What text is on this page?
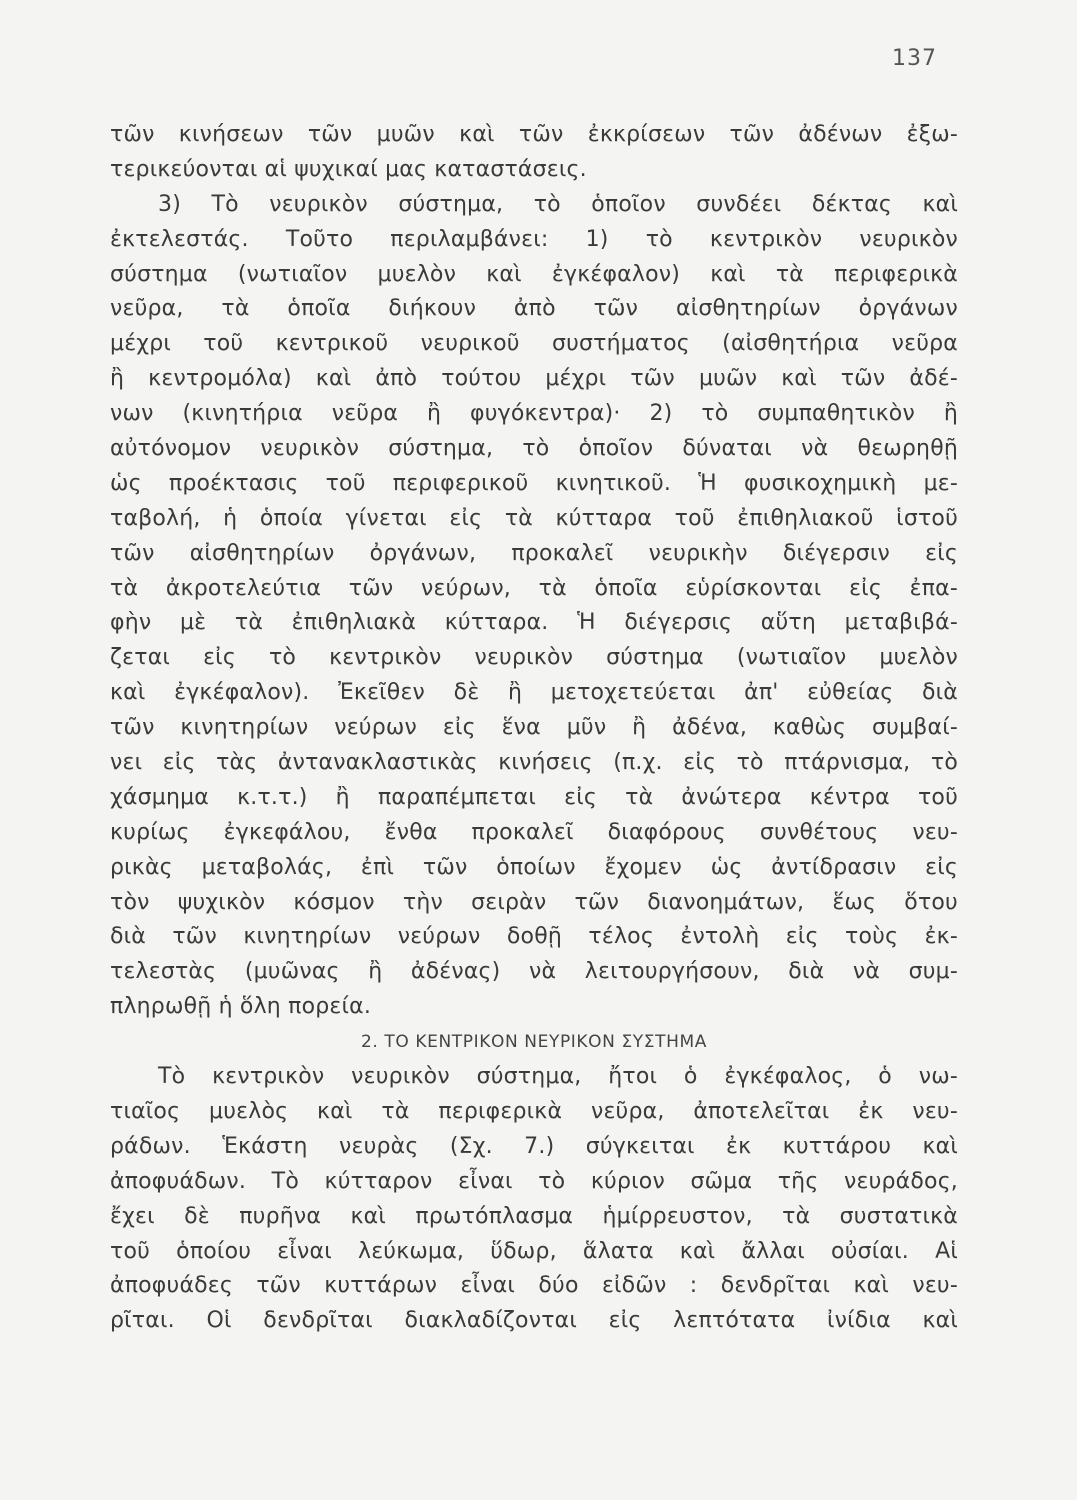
137
τῶν κινήσεων τῶν μυῶν καὶ τῶν ἐκκρίσεων τῶν ἀδένων ἐξω-
τερικεύονται αἱ ψυχικαί μας καταστάσεις.
3) Τὸ νευρικὸν σύστημα, τὸ ὁποῖον συνδέει δέκτας καὶ
ἐκτελεστάς. Τοῦτο περιλαμβάνει: 1) τὸ κεντρικὸν νευρικὸν
σύστημα (νωτιαῖον μυελὸν καὶ ἐγκέφαλον) καὶ τὰ περιφερικὰ
νεῦρα, τὰ ὁποῖα διήκουν ἀπὸ τῶν αἰσθητηρίων ὀργάνων
μέχρι τοῦ κεντρικοῦ νευρικοῦ συστήματος (αἰσθητήρια νεῦρα
ἢ κεντρομόλα) καὶ ἀπὸ τούτου μέχρι τῶν μυῶν καὶ τῶν ἀδέ-
νων (κινητήρια νεῦρα ἢ φυγόκεντρα)· 2) τὸ συμπαθητικὸν ἢ
αὐτόνομον νευρικὸν σύστημα, τὸ ὁποῖον δύναται νὰ θεωρηθῇ
ὡς προέκτασις τοῦ περιφερικοῦ κινητικοῦ. Ἡ φυσικοχημικὴ με-
ταβολή, ἡ ὁποία γίνεται εἰς τὰ κύτταρα τοῦ ἐπιθηλιακοῦ ἱστοῦ
τῶν αἰσθητηρίων ὀργάνων, προκαλεῖ νευρικὴν διέγερσιν εἰς
τὰ ἀκροτελεύτια τῶν νεύρων, τὰ ὁποῖα εὑρίσκονται εἰς ἐπα-
φὴν μὲ τὰ ἐπιθηλιακὰ κύτταρα. Ἡ διέγερσις αὕτη μεταβιβά-
ζεται εἰς τὸ κεντρικὸν νευρικὸν σύστημα (νωτιαῖον μυελὸν
καὶ ἐγκέφαλον). Ἐκεῖθεν δὲ ἢ μετοχετεύεται ἀπ' εὐθείας διὰ
τῶν κινητηρίων νεύρων εἰς ἕνα μῦν ἢ ἀδένα, καθὼς συμβαί-
νει εἰς τὰς ἀντανακλαστικὰς κινήσεις (π.χ. εἰς τὸ πτάρνισμα, τὸ
χάσμημα κ.τ.τ.) ἢ παραπέμπεται εἰς τὰ ἀνώτερα κέντρα τοῦ
κυρίως ἐγκεφάλου, ἔνθα προκαλεῖ διαφόρους συνθέτους νευ-
ρικὰς μεταβολάς, ἐπὶ τῶν ὁποίων ἔχομεν ὡς ἀντίδρασιν εἰς
τὸν ψυχικὸν κόσμον τὴν σειρὰν τῶν διανοημάτων, ἕως ὅτου
διὰ τῶν κινητηρίων νεύρων δοθῇ τέλος ἐντολὴ εἰς τοὺς ἐκ-
τελεστὰς (μυῶνας ἢ ἀδένας) νὰ λειτουργήσουν, διὰ νὰ συμ-
πληρωθῇ ἡ ὅλη πορεία.
2. ΤΟ ΚΕΝΤΡΙΚΟΝ ΝΕΥΡΙΚΟΝ ΣΥΣΤΗΜΑ
Τὸ κεντρικὸν νευρικὸν σύστημα, ἤτοι ὁ ἐγκέφαλος, ὁ νω-
τιαῖος μυελὸς καὶ τὰ περιφερικὰ νεῦρα, ἀποτελεῖται ἐκ νευ-
ράδων. Ἑκάστη νευρὰς (Σχ. 7.) σύγκειται ἐκ κυττάρου καὶ
ἀποφυάδων. Τὸ κύτταρον εἶναι τὸ κύριον σῶμα τῆς νευράδος,
ἔχει δὲ πυρῆνα καὶ πρωτόπλασμα ἡμίρρευστον, τὰ συστατικὰ
τοῦ ὁποίου εἶναι λεύκωμα, ὕδωρ, ἅλατα καὶ ἄλλαι οὐσίαι. Αἱ
ἀποφυάδες τῶν κυττάρων εἶναι δύο εἰδῶν : δενδρῖται καὶ νευ-
ρῖται. Οἱ δενδρῖται διακλαδίζονται εἰς λεπτότατα ἰνίδια καὶ
